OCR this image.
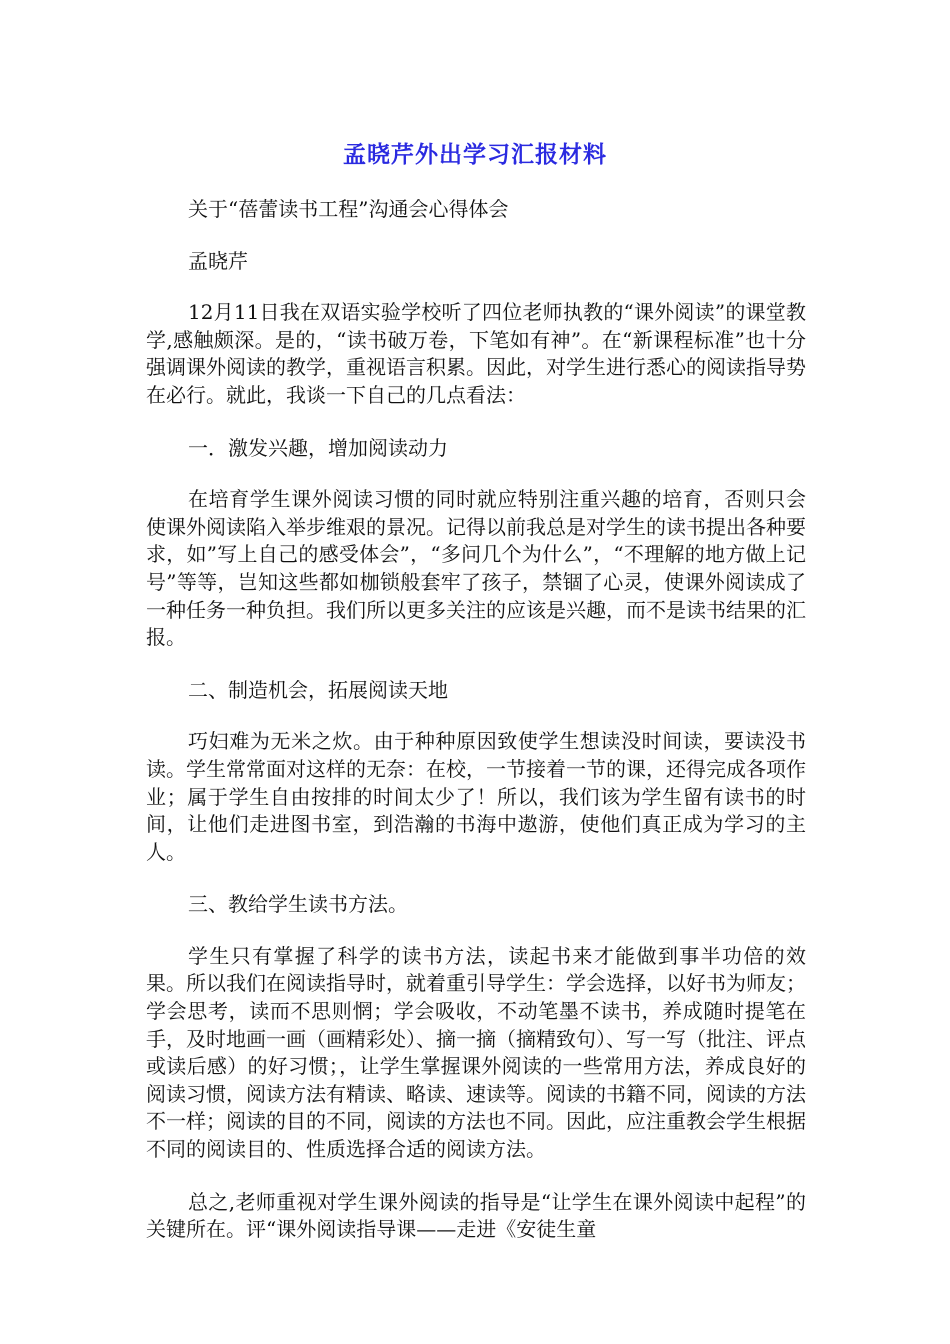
孟晓芹外出学习汇报材料

关于“蓓蕾读书工程”沟通会心得体会

孟晓芹

12月11日我在双语实验学校听了四位老师执教的“课外阅读”的课堂教学,感触颇深。是的，“读书破万卷，下笔如有神”。在“新课程标准”也十分强调课外阅读的教学，重视语言积累。因此，对学生进行悉心的阅读指导势在必行。就此，我谈一下自己的几点看法：

一．激发兴趣，增加阅读动力

在培育学生课外阅读习惯的同时就应特别注重兴趣的培育，否则只会使课外阅读陷入举步维艰的景况。记得以前我总是对学生的读书提出各种要求，如”写上自己的感受体会”，“多问几个为什么”，“不理解的地方做上记号”等等，岂知这些都如枷锁般套牢了孩子，禁锢了心灵，使课外阅读成了一种任务一种负担。我们所以更多关注的应该是兴趣，而不是读书结果的汇报。

二、制造机会，拓展阅读天地

巧妇难为无米之炊。由于种种原因致使学生想读没时间读，要读没书读。学生常常面对这样的无奈：在校，一节接着一节的课，还得完成各项作业；属于学生自由按排的时间太少了！所以，我们该为学生留有读书的时间，让他们走进图书室，到浩瀚的书海中遨游，使他们真正成为学习的主人。

三、教给学生读书方法。

学生只有掌握了科学的读书方法，读起书来才能做到事半功倍的效果。所以我们在阅读指导时，就着重引导学生：学会选择，以好书为师友；学会思考，读而不思则惘；学会吸收，不动笔墨不读书，养成随时提笔在手，及时地画一画（画精彩处）、摘一摘（摘精致句）、写一写（批注、评点或读后感）的好习惯；，让学生掌握课外阅读的一些常用方法，养成良好的阅读习惯，阅读方法有精读、略读、速读等。阅读的书籍不同，阅读的方法不一样；阅读的目的不同，阅读的方法也不同。因此，应注重教会学生根据不同的阅读目的、性质选择合适的阅读方法。

总之,老师重视对学生课外阅读的指导是“让学生在课外阅读中起程”的关键所在。评“课外阅读指导课——走进《安徒生童
